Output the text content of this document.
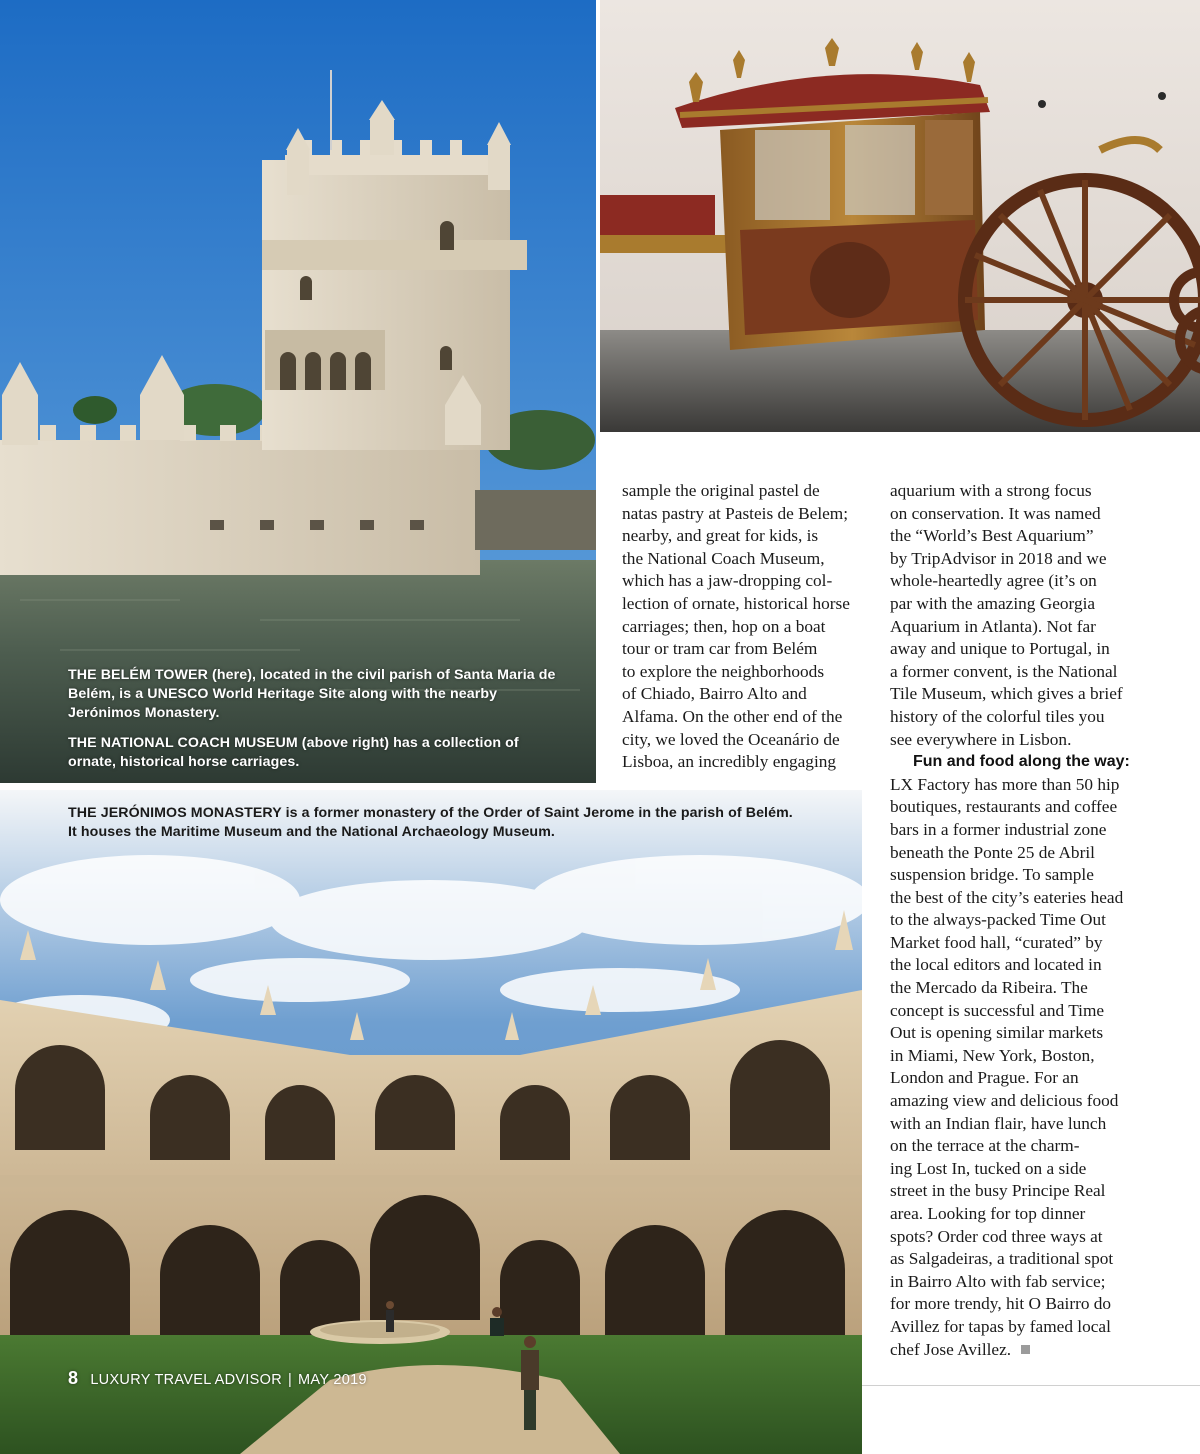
THE BELÉM TOWER (here), located in the civil parish of Santa Maria de Belém, is a UNESCO World Heritage Site along with the nearby Jerónimos Monastery.
THE NATIONAL COACH MUSEUM (above right) has a collection of ornate, historical horse carriages.

THE JERÓNIMOS MONASTERY is a former monastery of the Order of Saint Jerome in the parish of Belém.

It houses the Maritime Museum and the National Archaeology Museum.

sample the original pastel de
natas pastry at Pasteis de Belem;
nearby, and great for kids, is
the National Coach Museum,
which has a jaw-dropping col-
lection of ornate, historical horse
carriages; then, hop on a boat
tour or tram car from Belém
to explore the neighborhoods
of Chiado, Bairro Alto and
Alfama. On the other end of the
city, we loved the Oceanário de
Lisboa, an incredibly engaging
aquarium with a strong focus
on conservation. It was named
the “World’s Best Aquarium”
by TripAdvisor in 2018 and we
whole-heartedly agree (it’s on
par with the amazing Georgia
Aquarium in Atlanta). Not far
away and unique to Portugal, in
a former convent, is the National
Tile Museum, which gives a brief
history of the colorful tiles you
see everywhere in Lisbon.
Fun and food along the way:
LX Factory has more than 50 hip
boutiques, restaurants and coffee
bars in a former industrial zone
beneath the Ponte 25 de Abril
suspension bridge. To sample
the best of the city’s eateries head
to the always-packed Time Out
Market food hall, “curated” by
the local editors and located in
the Mercado da Ribeira. The
concept is successful and Time
Out is opening similar markets
in Miami, New York, Boston,
London and Prague. For an
amazing view and delicious food
with an Indian flair, have lunch
on the terrace at the charm-
ing Lost In, tucked on a side
street in the busy Principe Real
area. Looking for top dinner
spots? Order cod three ways at
as Salgadeiras, a traditional spot
in Bairro Alto with fab service;
for more trendy, hit O Bairro do
Avillez for tapas by famed local
chef Jose Avillez.
8 LUXURY TRAVEL ADVISOR | MAY 2019
